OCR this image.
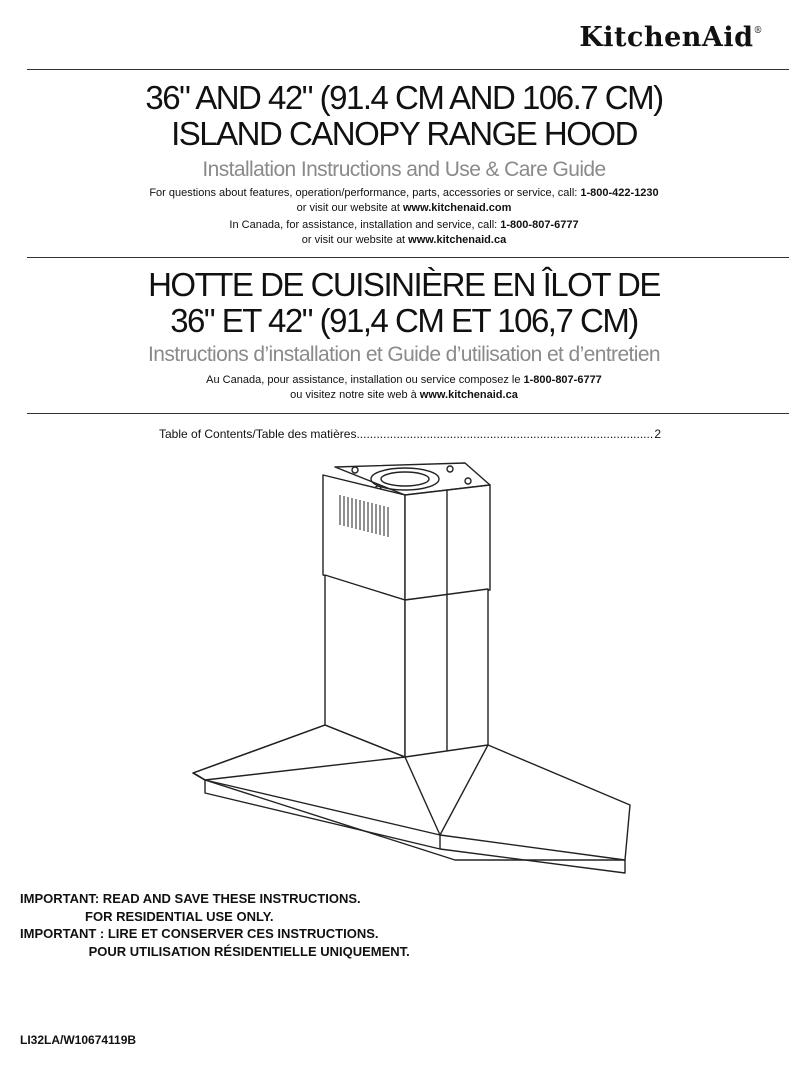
KitchenAid®
36" AND 42" (91.4 CM AND 106.7 CM)
ISLAND CANOPY RANGE HOOD
Installation Instructions and Use & Care Guide
For questions about features, operation/performance, parts, accessories or service, call: 1-800-422-1230
or visit our website at www.kitchenaid.com
In Canada, for assistance, installation and service, call: 1-800-807-6777
or visit our website at www.kitchenaid.ca
HOTTE DE CUISINIÈRE EN ÎLOT DE
36" ET 42" (91,4 CM ET 106,7 CM)
Instructions d’installation et Guide d’utilisation et d’entretien
Au Canada, pour assistance, installation ou service composez le 1-800-807-6777
ou visitez notre site web à www.kitchenaid.ca
Table of Contents/Table des matières
.....	2
IMPORTANT: READ AND SAVE THESE INSTRUCTIONS.
FOR RESIDENTIAL USE ONLY.
IMPORTANT : LIRE ET CONSERVER CES INSTRUCTIONS.
POUR UTILISATION RÉSIDENTIELLE UNIQUEMENT.
LI32LA/W10674119B
